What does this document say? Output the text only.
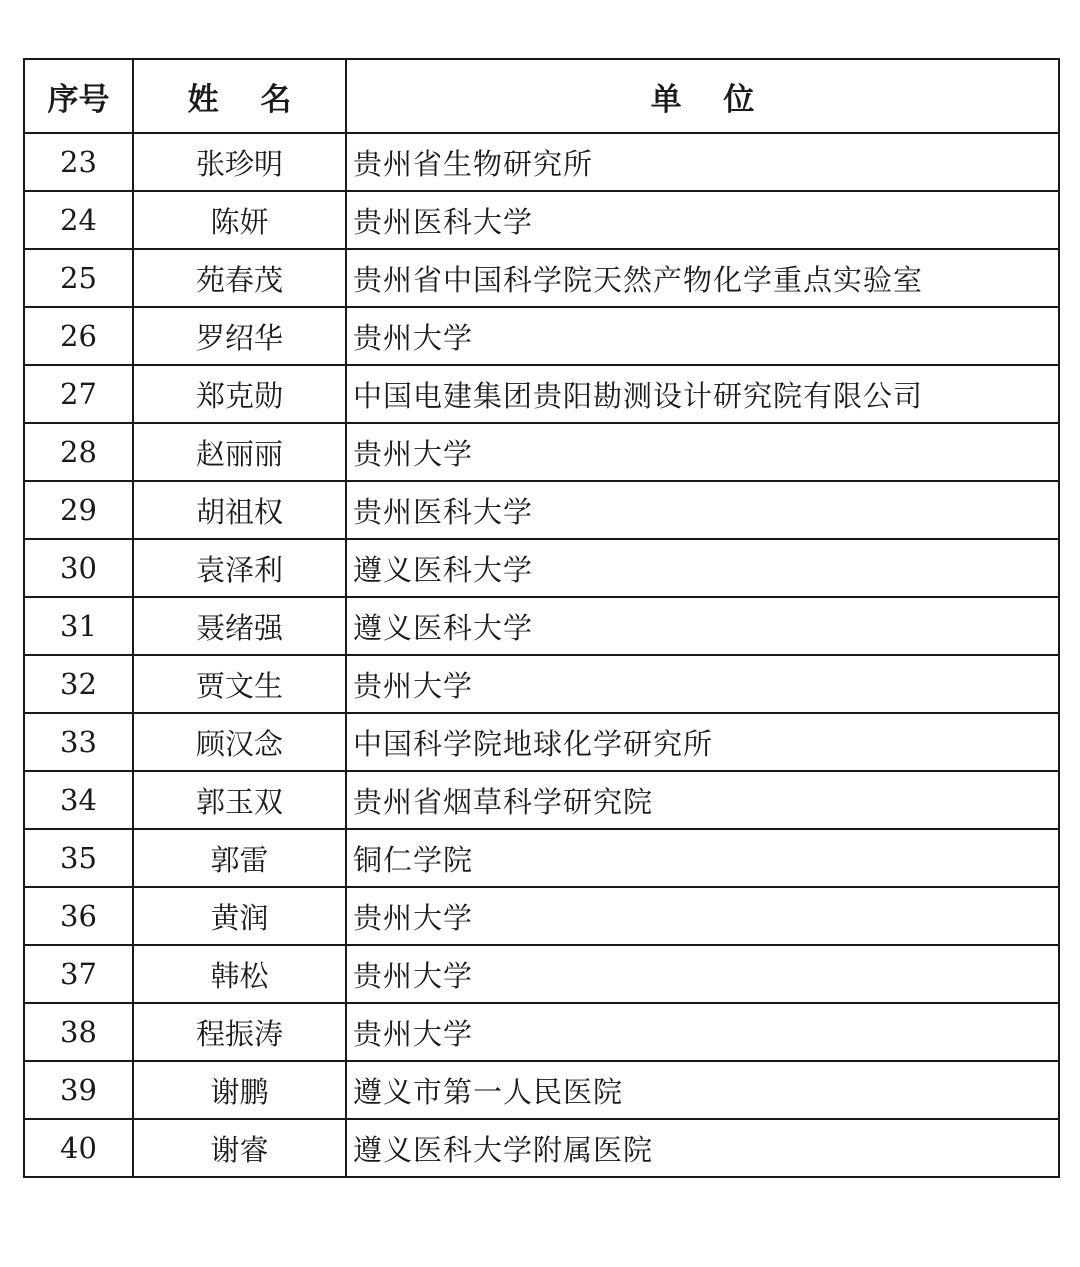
序号	姓 名	单 位
23	张珍明	贵州省生物研究所
24	陈妍	贵州医科大学
25	苑春茂	贵州省中国科学院天然产物化学重点实验室
26	罗绍华	贵州大学
27	郑克勋	中国电建集团贵阳勘测设计研究院有限公司
28	赵丽丽	贵州大学
29	胡祖权	贵州医科大学
30	袁泽利	遵义医科大学
31	聂绪强	遵义医科大学
32	贾文生	贵州大学
33	顾汉念	中国科学院地球化学研究所
34	郭玉双	贵州省烟草科学研究院
35	郭雷	铜仁学院
36	黄润	贵州大学
37	韩松	贵州大学
38	程振涛	贵州大学
39	谢鹏	遵义市第一人民医院
40	谢睿	遵义医科大学附属医院
